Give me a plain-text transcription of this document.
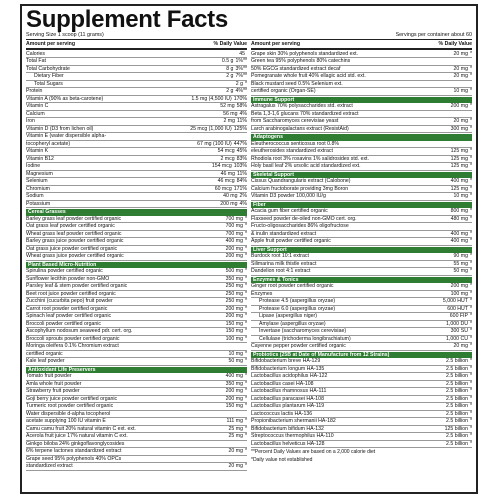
Supplement Facts
Serving Size 1 scoop (11 grams)	Servings per container about 60
Amount per serving	% Daily Value
Calories	45
Total Fat	0.5 g 1%**
Total Carbohydrate	8 g 3%**
Dietary Fiber	2 g 7%**
Total Sugars	2 g *
Protein	2 g 4%**
Vitamin A (90% as beta-carotene)	1.5 mg (4,500 IU) 170%
Vitamin C	52 mg 58%
Calcium	56 mg 4%
Iron	2 mg 11%
Vitamin D (D3 from lichen oil)	25 mcg (1,000 IU) 125%
Vitamin E (water dispersible alpha-
tocopheryl acetate)	67 mg (100 IU) 447%
Vitamin K	54 mcg 45%
Vitamin B12	2 mcg 83%
Iodine	154 mcg 103%
Magnesium	46 mg 11%
Selenium	46 mcg 84%
Chromium	60 mcg 171%
Sodium	40 mg 2%
Potassium	200 mg 4%
Cereal Grasses
Barley grass leaf powder certified organic	700 mg *
Oat grass leaf powder certified organic	700 mg *
Wheat grass leaf powder certified organic	700 mg *
Barley grass juice powder certified organic	400 mg *
Oat grass juice powder certified organic	200 mg *
Wheat grass juice powder certified organic	200 mg *
Plant Based Micro-Nutrition
Spirulina powder certified organic	500 mg *
Sunflower lecithin powder non-GMO	350 mg *
Parsley leaf & stem powder certified organic	250 mg *
Beet root juice powder certified organic	250 mg *
Zucchini (cucurbita pepo) fruit powder	250 mg *
Carrot root powder certified organic	200 mg *
Spinach leaf powder certified organic	200 mg *
Broccoli powder certified organic	150 mg *
Ascophyllum nodosum seaweed pdr. cert. org.	150 mg *
Broccoli sprouts powder certified organic	100 mg *
Moringa oleifera 0.1% Chromium extract
certified organic	10 mg *
Kale leaf powder	50 mg *
Antioxidant Life Preservers
Tomato fruit powder	400 mg *
Amla whole fruit powder	350 mg *
Strawberry fruit powder	200 mg *
Goji berry juice powder certified organic	200 mg *
Turmeric root powder certified organic	150 mg *
Water dispersible d-alpha tocopherol
acetate supplying 100 IU vitamin E	111 mg *
Camu camu fruit 20% natural vitamin C ext. ext.	25 mg *
Acerola fruit juice 17% natural vitamin C ext.	25 mg *
Ginkgo biloba 24% ginkgoflavonglycosides
6% terpene lactones standardized extract	20 mg *
Grape seed 95% polyphenols 40% OPCs
standardized extract	20 mg *
Amount per serving	% Daily Value
Grape skin 30% polyphenols standardized ext.	20 mg *
Green tea 95% polyphenols 80% catechins
50% EGCG standardized extract decaf	20 mg *
Pomegranate whole fruit 40% ellagic acid std. ext.	20 mg *
Black mustard seed 0.5% Selenium ext.
certified organic (Organ-SE)	10 mg *
Immune Support
Astragalus 70% polysaccharides std. extract	200 mg *
Beta 1,3-1,6 glucans 70% standardized extract
from Saccharomyces cerevisiae yeast	20 mg *
Larch arabinogalactans extract (ResistAid)	300 mg *
Adaptogens
Eleutherococcus senticosus root 0.8%
eleutherosides standardized extract	125 mg *
Rhodiola root 3% rosavins 1% salidrosides std. ext.	125 mg *
Holy basil leaf 2% ursolic acid standardized ext.	125 mg *
Skeletal Support
Cissus Quandrangularis extract (Calobone)	400 mg *
Calcium fructoborate providing 3mg Boron	125 mg *
Vitamin D3 powder 100,000 IU/g	10 mg *
Fiber
Acacia gum fiber certified organic	800 mg *
Flaxseed powder de-oiled non-GMO cert. org.	480 mg *
Fructo-oligosaccharides 86% oligofructose
& inulin standardized extract	400 mg *
Apple fruit powder certified organic	400 mg *
Liver Support
Burdock root 10:1 extract	90 mg *
Silimarina milk thistle extract	55 mg *
Dandelion root 4:1 extract	50 mg *
Enzymes & Tonics
Ginger root powder certified organic	200 mg *
Enzymes	100 mg *
Protease 4.5 (aspergillus oryzae)	5,000 HUT *
Protease 6.0 (aspergillus oryzae)	600 HUT *
Lipase (aspergillus niger)	600 FIP *
Amylase (aspergillus oryzae)	1,000 DU *
Invertase (saccharomyces cerevisiae)	300 SU *
Cellulase (trichoderma longibrachiatum)	1,000 CU *
Cayenne pepper powder certified organic	20 mg *
Probiotics (25B at Date of Manufacture from 12 Strains)
Bifidobacterium breve HA-129	2.5 billion *
Bifidobacterium longum HA-135	2.5 billion *
Lactobacillus acidophilus HA-122	2.5 billion *
Lactobacillus casei HA-108	2.5 billion *
Lactobacillus rhamnosus HA-111	2.5 billion *
Lactobacillus paracasei HA-108	2.5 billion *
Lactobacillus plantarum HA-119	2.5 billion *
Lactococcus lactis HA-136	2.5 billion *
Propionibacterium shermanii HA-182	2.5 billion *
Bifidobacterium bifidum HA-132	125 billion *
Streptococcus thermophilus HA-110	2.5 billion *
Lactobacillus helveticus HA-128	2.5 billion *
**Percent Daily Values are based on a 2,000 calorie diet
*Daily value not established
